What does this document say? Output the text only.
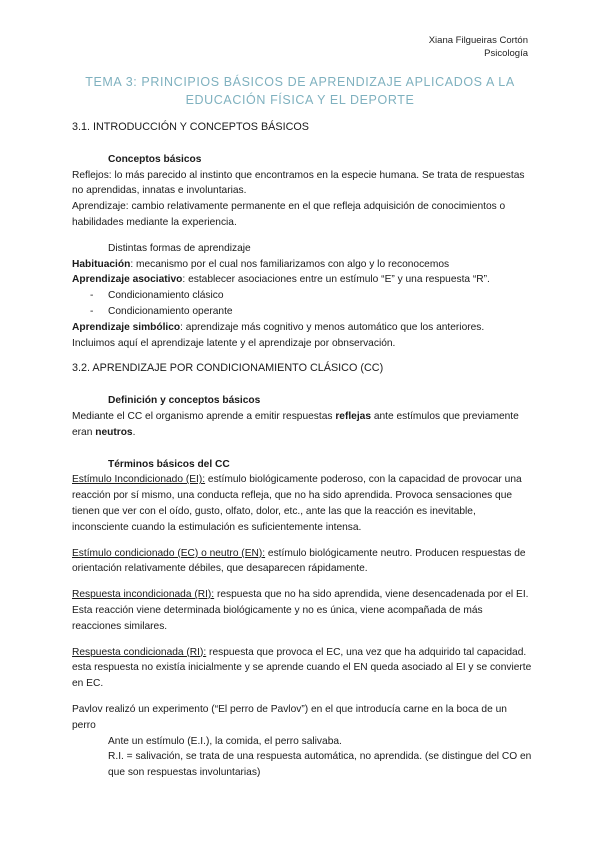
Xiana Filgueiras Cortón
Psicología
TEMA 3: PRINCIPIOS BÁSICOS DE APRENDIZAJE APLICADOS A LA
EDUCACIÓN FÍSICA Y EL DEPORTE

3.1. INTRODUCCIÓN Y CONCEPTOS BÁSICOS

Conceptos básicos

Reflejos: lo más parecido al instinto que encontramos en la especie humana. Se trata de respuestas no aprendidas, innatas e involuntarias.

Aprendizaje: cambio relativamente permanente en el que refleja adquisición de conocimientos o habilidades mediante la experiencia.

Distintas formas de aprendizaje

Habituación: mecanismo por el cual nos familiarizamos con algo y lo reconocemos

Aprendizaje asociativo: establecer asociaciones entre un estímulo “E” y una respuesta “R”.

- Condicionamiento clásico
- Condicionamiento operante

Aprendizaje simbólico: aprendizaje más cognitivo y menos automático que los anteriores.

Incluimos aquí el aprendizaje latente y el aprendizaje por obnservación.

3.2. APRENDIZAJE POR CONDICIONAMIENTO CLÁSICO (CC)

Definición y conceptos básicos

Mediante el CC el organismo aprende a emitir respuestas reflejas ante estímulos que previamente eran neutros.

Términos básicos del CC

Estímulo Incondicionado (EI): estímulo biológicamente poderoso, con la capacidad de provocar una reacción por sí mismo, una conducta refleja, que no ha sido aprendida. Provoca sensaciones que tienen que ver con el oído, gusto, olfato, dolor, etc., ante las que la reacción es inevitable, inconsciente cuando la estimulación es suficientemente intensa.

Estímulo condicionado (EC) o neutro (EN): estímulo biológicamente neutro. Producen respuestas de orientación relativamente débiles, que desaparecen rápidamente.

Respuesta incondicionada (RI): respuesta que no ha sido aprendida, viene desencadenada por el EI. Esta reacción viene determinada biológicamente y no es única, viene acompañada de más reacciones similares.

Respuesta condicionada (RI): respuesta que provoca el EC, una vez que ha adquirido tal capacidad. esta respuesta no existía inicialmente y se aprende cuando el EN queda asociado al EI y se convierte en EC.

Pavlov realizó un experimento (“El perro de Pavlov”) en el que introducía carne en la boca de un perro

Ante un estímulo (E.I.), la comida, el perro salivaba.

R.I. = salivación, se trata de una respuesta automática, no aprendida. (se distingue del CO en que son respuestas involuntarias)
